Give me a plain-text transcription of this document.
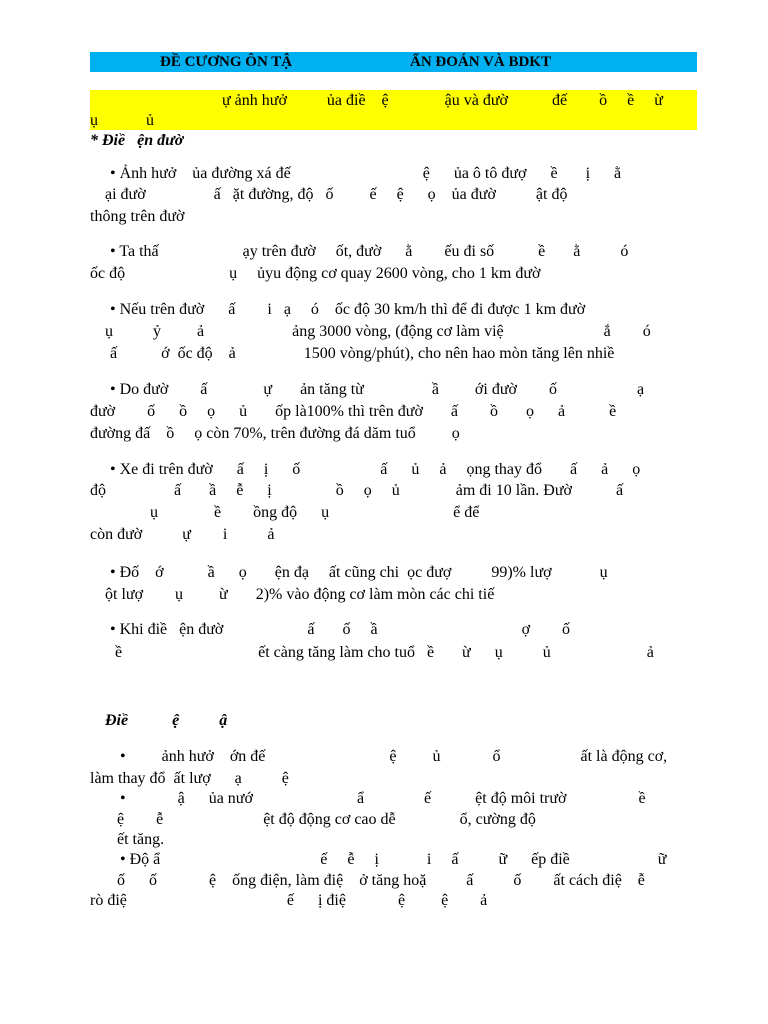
ĐỀ CƯƠNG ÔN TẬ	ẨN ĐOÁN VÀ BDKT
ự ảnh hưở          ủa điề    ệ              ậu và đườ           đế        ồ     ề     ừ
ụ            ủ
* Điề   ện đườ
• Ảnh hưở    ủa đường xá đế                                 ệ      ủa ô tô đượ      ề       ị      ằ
ại đườ                 ấ   ặt đường, độ   ố         ế     ệ      ọ    ủa đườ          ật độ
thông trên đườ
• Ta thấ                     ạy trên đườ     ốt, đườ      ằ        ếu đi số           ề       ằ          ó
ốc độ                          ụ     ủyu động cơ quay 2600 vòng, cho 1 km đườ
• Nếu trên đườ      ấ        i   ạ     ó    ốc độ 30 km/h thì để đi được 1 km đườ
ụ          ỷ         ả                      ảng 3000 vòng, (động cơ làm việ                         ắ        ó
ấ           ớ  ốc độ    ả                 1500 vòng/phút), cho nên hao mòn tăng lên nhiề
• Do đườ        ấ              ự       ản tăng từ                 ầ         ới đườ        ố                    ạ
đườ        ố      ồ     ọ      ủ       ốp là100% thì trên đườ       ấ        ồ       ọ      ả           ề
đường đấ    ồ     ọ còn 70%, trên đường đá dăm tuổ         ọ
• Xe đi trên đườ      ấ     ị      ố                    ấ      ủ     ả     ọng thay đổ       ấ      ả      ọ
độ                 ấ       ầ     ễ      ị                ồ     ọ     ủ              ảm đi 10 lần. Đườ           ấ
ụ              ề        ồng độ      ụ                               ể để
còn đườ          ự        i          ả
• Đố    ớ           ầ      ọ       ện đạ     ất cũng chi  ọc đượ          99)% lượ            ụ
ột lượ        ụ         ừ       2)% vào động cơ làm mòn các chi tiế
• Khi điề   ện đườ                     ấ       ố     ầ                                    ợ        ố
ề                                  ết càng tăng làm cho tuổ   ề       ừ      ụ          ủ                        ả
Điề           ệ          ậ
•         ảnh hưở    ớn đế                               ệ         ủ             ổ                    ất là động cơ,
làm thay đổ  ất lượ      ạ          ệ
•             ậ      ủa nướ                          ẩ               ế           ệt độ môi trườ                  ề
ệ        ễ                         ệt độ động cơ cao dễ                ổ, cường độ
ết tăng.
• Độ ẩ                                        ế     ễ     ị            i     ấ          ữ      ếp điề                      ữ
ố      ố             ệ    ống điện, làm điệ    ở tăng hoặ          ấ          ố        ất cách điệ    ễ
rò điệ                                        ế      ị điệ             ệ         ệ        ả
